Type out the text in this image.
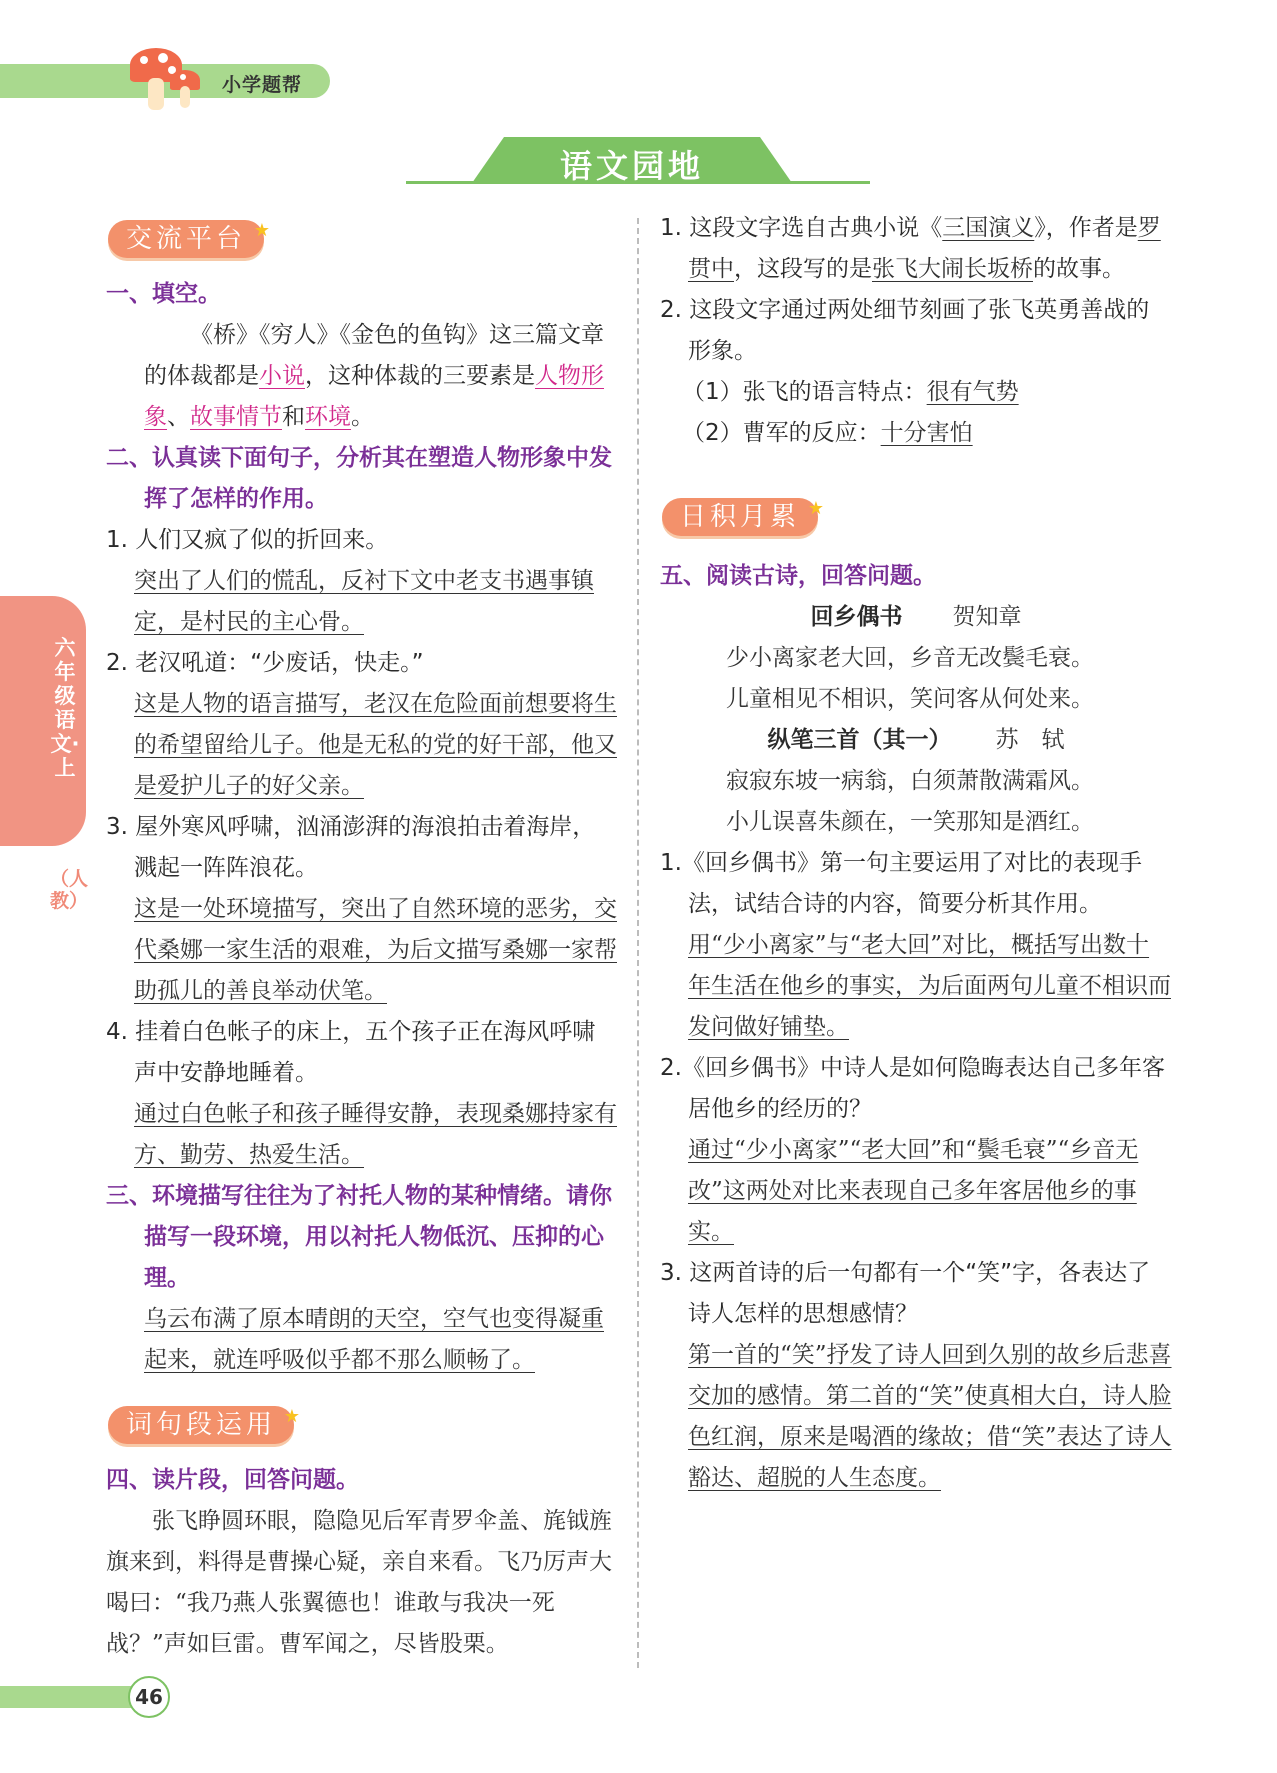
小学题帮
语文园地
六年级语文·上
（人教）
交流平台 ★
一、填空。
《桥》《穷人》《金色的鱼钩》这三篇文章的体裁都是小说，这种体裁的三要素是人物形象、故事情节和环境。
二、认真读下面句子，分析其在塑造人物形象中发挥了怎样的作用。
1. 人们又疯了似的折回来。
突出了人们的慌乱，反衬下文中老支书遇事镇定，是村民的主心骨。
2. 老汉吼道：“少废话，快走。”
这是人物的语言描写，老汉在危险面前想要将生的希望留给儿子。他是无私的党的好干部，他又是爱护儿子的好父亲。
3. 屋外寒风呼啸，汹涌澎湃的海浪拍击着海岸，溅起一阵阵浪花。
这是一处环境描写，突出了自然环境的恶劣，交代桑娜一家生活的艰难，为后文描写桑娜一家帮助孤儿的善良举动伏笔。
4. 挂着白色帐子的床上，五个孩子正在海风呼啸声中安静地睡着。
通过白色帐子和孩子睡得安静，表现桑娜持家有方、勤劳、热爱生活。
三、环境描写往往为了衬托人物的某种情绪。请你描写一段环境，用以衬托人物低沉、压抑的心理。
乌云布满了原本晴朗的天空，空气也变得凝重起来，就连呼吸似乎都不那么顺畅了。
词句段运用 ★
四、读片段，回答问题。
张飞睁圆环眼，隐隐见后军青罗伞盖、旄钺旌旗来到，料得是曹操心疑，亲自来看。飞乃厉声大喝曰：“我乃燕人张翼德也！谁敢与我决一死战？”声如巨雷。曹军闻之，尽皆股栗。
1. 这段文字选自古典小说《三国演义》，作者是罗贯中，这段写的是张飞大闹长坂桥的故事。
2. 这段文字通过两处细节刻画了张飞英勇善战的形象。
（1）张飞的语言特点：很有气势
（2）曹军的反应：十分害怕
日积月累 ★
五、阅读古诗，回答问题。
回乡偶书 贺知章
少小离家老大回，乡音无改鬓毛衰。
儿童相见不相识，笑问客从何处来。
纵笔三首（其一） 苏　轼
寂寂东坡一病翁，白须萧散满霜风。
小儿误喜朱颜在，一笑那知是酒红。
1.《回乡偶书》第一句主要运用了对比的表现手法，试结合诗的内容，简要分析其作用。
用“少小离家”与“老大回”对比，概括写出数十年生活在他乡的事实，为后面两句儿童不相识而发问做好铺垫。
2.《回乡偶书》中诗人是如何隐晦表达自己多年客居他乡的经历的？
通过“少小离家”“老大回”和“鬓毛衰”“乡音无改”这两处对比来表现自己多年客居他乡的事实。
3. 这两首诗的后一句都有一个“笑”字，各表达了诗人怎样的思想感情？
第一首的“笑”抒发了诗人回到久别的故乡后悲喜交加的感情。第二首的“笑”使真相大白，诗人脸色红润，原来是喝酒的缘故；借“笑”表达了诗人豁达、超脱的人生态度。
46
